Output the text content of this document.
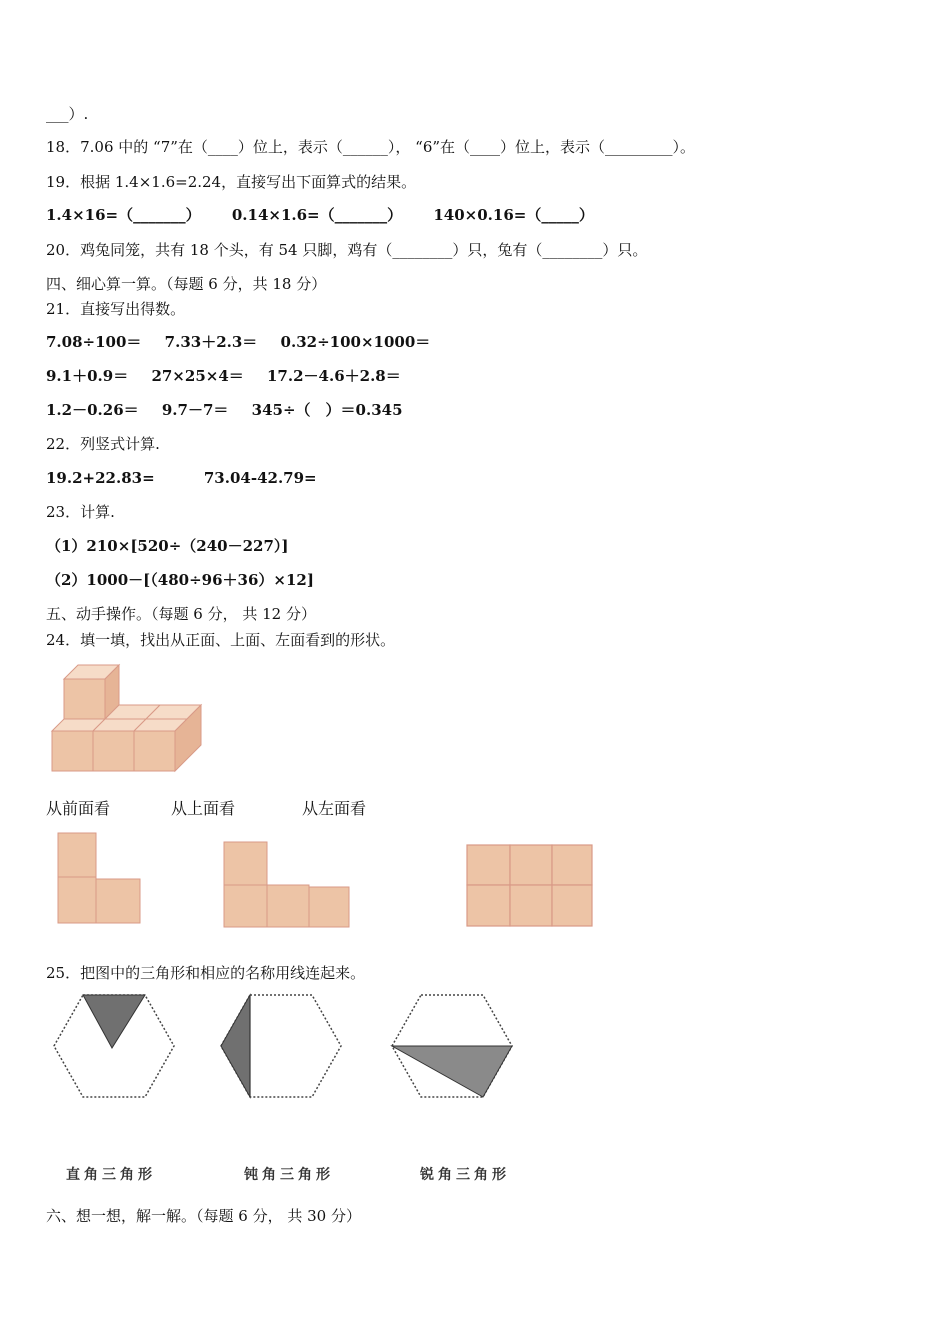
___）.
18．7.06 中的 “7”在（____）位上，表示（______）， “6”在（____）位上，表示（_________）。
19．根据 1.4×1.6=2.24，直接写出下面算式的结果。
1.4×16=（_______） 0.14×1.6=（_______） 140×0.16=（_____）
20．鸡兔同笼，共有 18 个头，有 54 只脚，鸡有（________）只，兔有（________）只。
四、细心算一算。（每题 6 分，共 18 分）
21．直接写出得数。
7.08÷100＝ 7.33＋2.3＝ 0.32÷100×1000＝
9.1＋0.9＝ 27×25×4＝ 17.2－4.6＋2.8＝
1.2－0.26＝ 9.7－7＝ 345÷（　）＝0.345
22．列竖式计算.
19.2+22.83=	73.04-42.79=
23．计算.
（1）210×[520÷（240－227）]
（2）1000－[（480÷96＋36）×12]
五、动手操作。（每题 6 分， 共 12 分）
24．填一填，找出从正面、上面、左面看到的形状。
从前面看	从上面看	从左面看
25．把图中的三角形和相应的名称用线连起来。
直角三角形	钝角三角形	锐角三角形
六、想一想，解一解。（每题 6 分， 共 30 分）
